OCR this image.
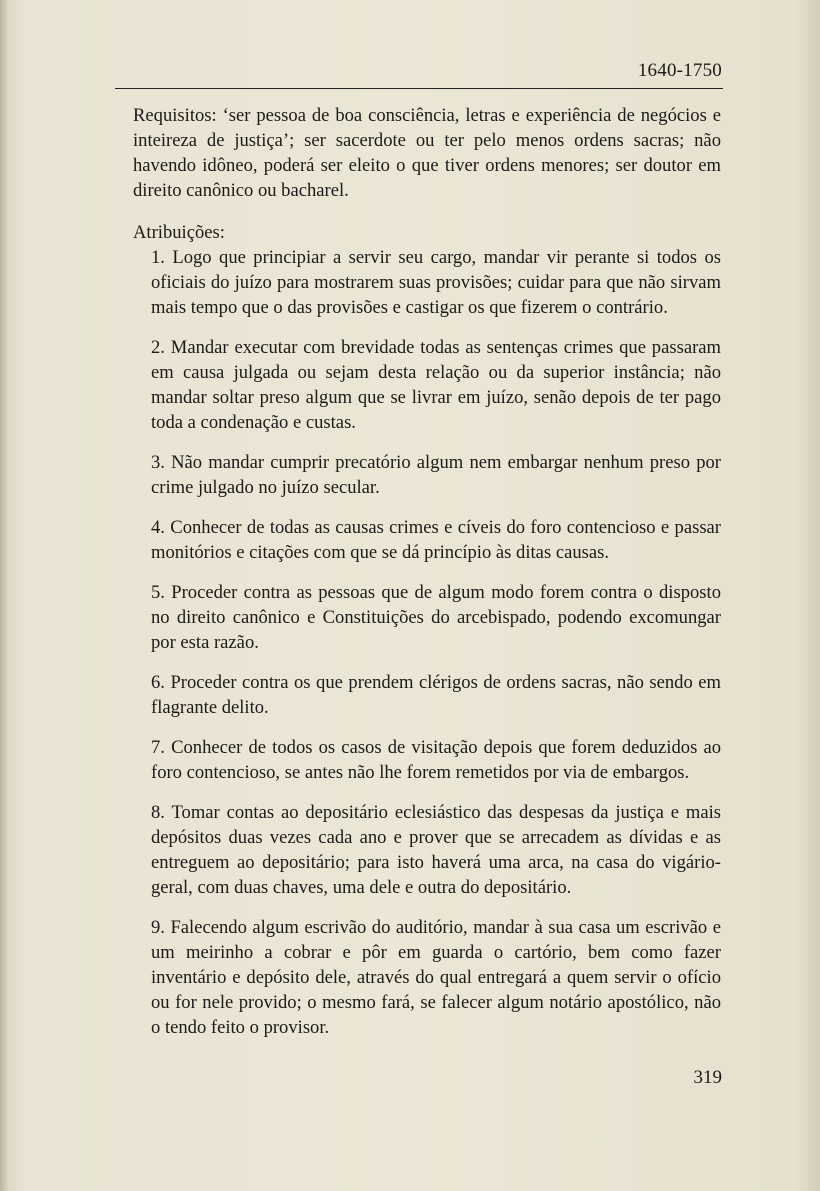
1640-1750

Requisitos: ‘ser pessoa de boa consciência, letras e experiência de negócios e inteireza de justiça’; ser sacerdote ou ter pelo menos ordens sacras; não havendo idôneo, poderá ser eleito o que tiver ordens menores; ser doutor em direito canônico ou bacharel.

Atribuições:

1. Logo que principiar a servir seu cargo, mandar vir perante si todos os oficiais do juízo para mostrarem suas provisões; cuidar para que não sirvam mais tempo que o das provisões e castigar os que fizerem o contrário.

2. Mandar executar com brevidade todas as sentenças crimes que passaram em causa julgada ou sejam desta relação ou da superior instância; não mandar soltar preso algum que se livrar em juízo, senão depois de ter pago toda a condenação e custas.

3. Não mandar cumprir precatório algum nem embargar nenhum preso por crime julgado no juízo secular.

4. Conhecer de todas as causas crimes e cíveis do foro contencioso e passar monitórios e citações com que se dá princípio às ditas causas.

5. Proceder contra as pessoas que de algum modo forem contra o disposto no direito canônico e Constituições do arcebispado, podendo excomungar por esta razão.

6. Proceder contra os que prendem clérigos de ordens sacras, não sendo em flagrante delito.

7. Conhecer de todos os casos de visitação depois que forem deduzidos ao foro contencioso, se antes não lhe forem remetidos por via de embargos.

8. Tomar contas ao depositário eclesiástico das despesas da justiça e mais depósitos duas vezes cada ano e prover que se arrecadem as dívidas e as entreguem ao depositário; para isto haverá uma arca, na casa do vigário-geral, com duas chaves, uma dele e outra do depositário.

9. Falecendo algum escrivão do auditório, mandar à sua casa um escrivão e um meirinho a cobrar e pôr em guarda o cartório, bem como fazer inventário e depósito dele, através do qual entregará a quem servir o ofício ou for nele provido; o mesmo fará, se falecer algum notário apostólico, não o tendo feito o provisor.

319
